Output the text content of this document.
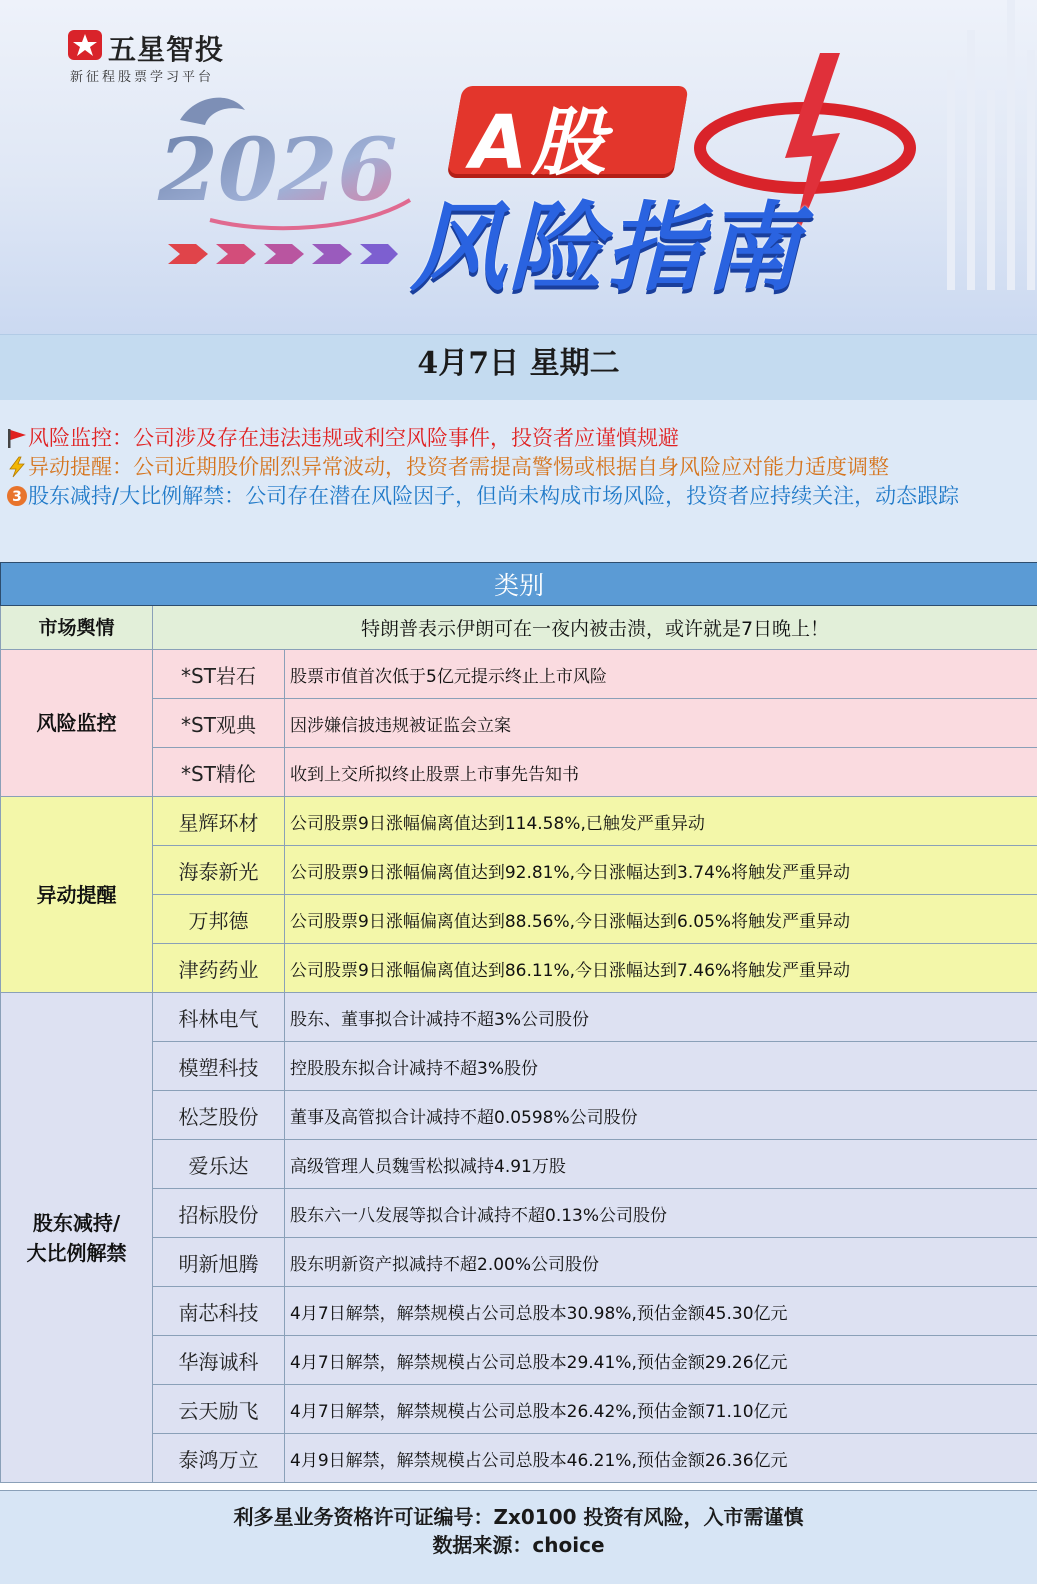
五星智投
新征程股票学习平台
2026 A股
风险指南
4月7日 星期二

风险监控：公司涉及存在违法违规或利空风险事件，投资者应谨慎规避

异动提醒：公司近期股价剧烈异常波动，投资者需提高警惕或根据自身风险应对能力适度调整

3 股东减持/大比例解禁：公司存在潜在风险因子，但尚未构成市场风险，投资者应持续关注，动态跟踪

类别		
市场舆情	特朗普表示伊朗可在一夜内被击溃，或许就是7日晚上！	
风险监控	*ST岩石	股票市值首次低于5亿元提示终止上市风险
	*ST观典	因涉嫌信披违规被证监会立案
	*ST精伦	收到上交所拟终止股票上市事先告知书
异动提醒	星辉环材	公司股票9日涨幅偏离值达到114.58%,已触发严重异动
	海泰新光	公司股票9日涨幅偏离值达到92.81%,今日涨幅达到3.74%将触发严重异动
	万邦德	公司股票9日涨幅偏离值达到88.56%,今日涨幅达到6.05%将触发严重异动
	津药药业	公司股票9日涨幅偏离值达到86.11%,今日涨幅达到7.46%将触发严重异动
股东减持/
大比例解禁	科林电气	股东、董事拟合计减持不超3%公司股份
	模塑科技	控股股东拟合计减持不超3%股份
	松芝股份	董事及高管拟合计减持不超0.0598%公司股份
	爱乐达	高级管理人员魏雪松拟减持4.91万股
	招标股份	股东六一八发展等拟合计减持不超0.13%公司股份
	明新旭腾	股东明新资产拟减持不超2.00%公司股份
	南芯科技	4月7日解禁，解禁规模占公司总股本30.98%,预估金额45.30亿元
	华海诚科	4月7日解禁，解禁规模占公司总股本29.41%,预估金额29.26亿元
	云天励飞	4月7日解禁，解禁规模占公司总股本26.42%,预估金额71.10亿元
	泰鸿万立	4月9日解禁，解禁规模占公司总股本46.21%,预估金额26.36亿元
利多星业务资格许可证编号：Zx0100 投资有风险，入市需谨慎
数据来源：choice
